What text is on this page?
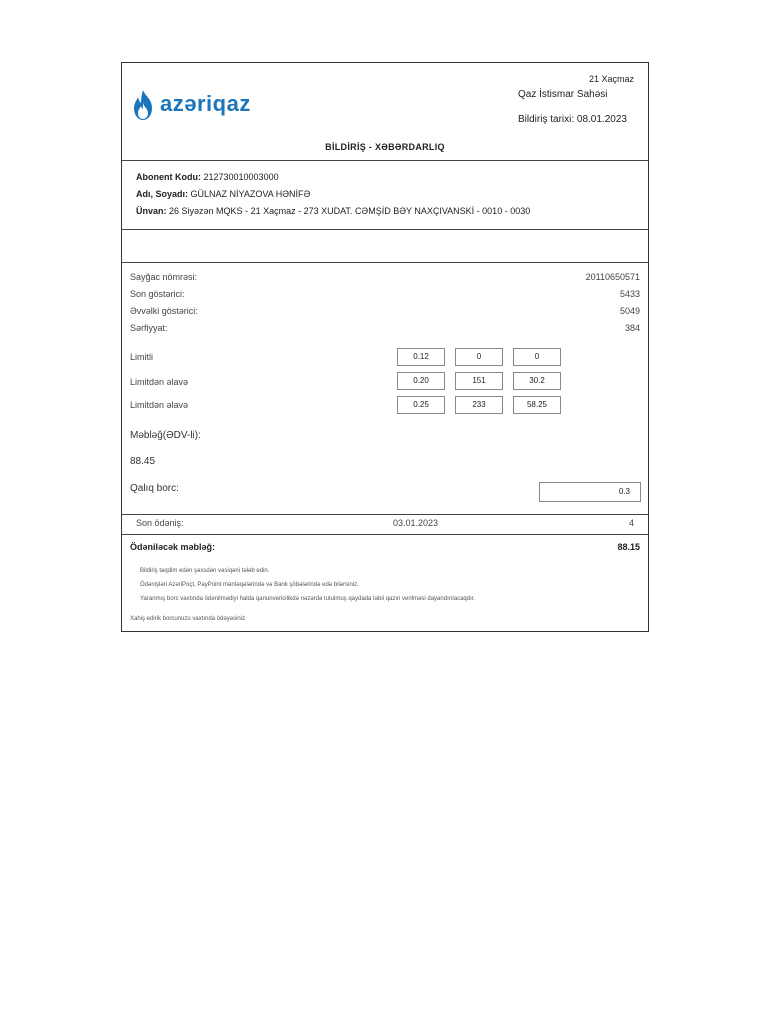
azəriqaz
21 Xaçmaz
Qaz İstismar Sahəsi
Bildiriş tarixi: 08.01.2023
BİLDİRİŞ - XƏBƏRDARLIQ
Abonent Kodu: 212730010003000
Adı, Soyadı: GÜLNAZ NİYAZOVA HƏNİFƏ
Ünvan: 26 Siyəzən MQKS - 21 Xaçmaz - 273 XUDAT. CƏMŞİD BƏY NAXÇIVANSKİ - 0010 - 0030
Sayğac nömrəsi:	20110650571
Son göstərici:	5433
Əvvəlki göstərici:	5049
Sərfiyyat:	384
Limitli	0.12	0	0
Limitdən əlavə	0.20	151	30.2
Limitdən əlavə	0.25	233	58.25
Məbləğ(ƏDV-li):
88.45
Qalıq borc:	0.3
Son ödəniş:	03.01.2023	4
Ödəniləcək məbləğ:	88.15
Bildiriş təqdim edən şəxsdən vəsiqəni tələb edin.
Ödənişləri AzəriPoçt, PayPoint məntəqələrində və Bank şöbələrində edə bilərsiniz.
Yaranmış borc vaxtında ödənilmədiyi halda qanunvericilikdə nəzərdə tutulmuş qaydada təbii qazın verilməsi dayandırılacaqdır.
Xahiş edirik borcunuzu vaxtında ödəyəsiniz
